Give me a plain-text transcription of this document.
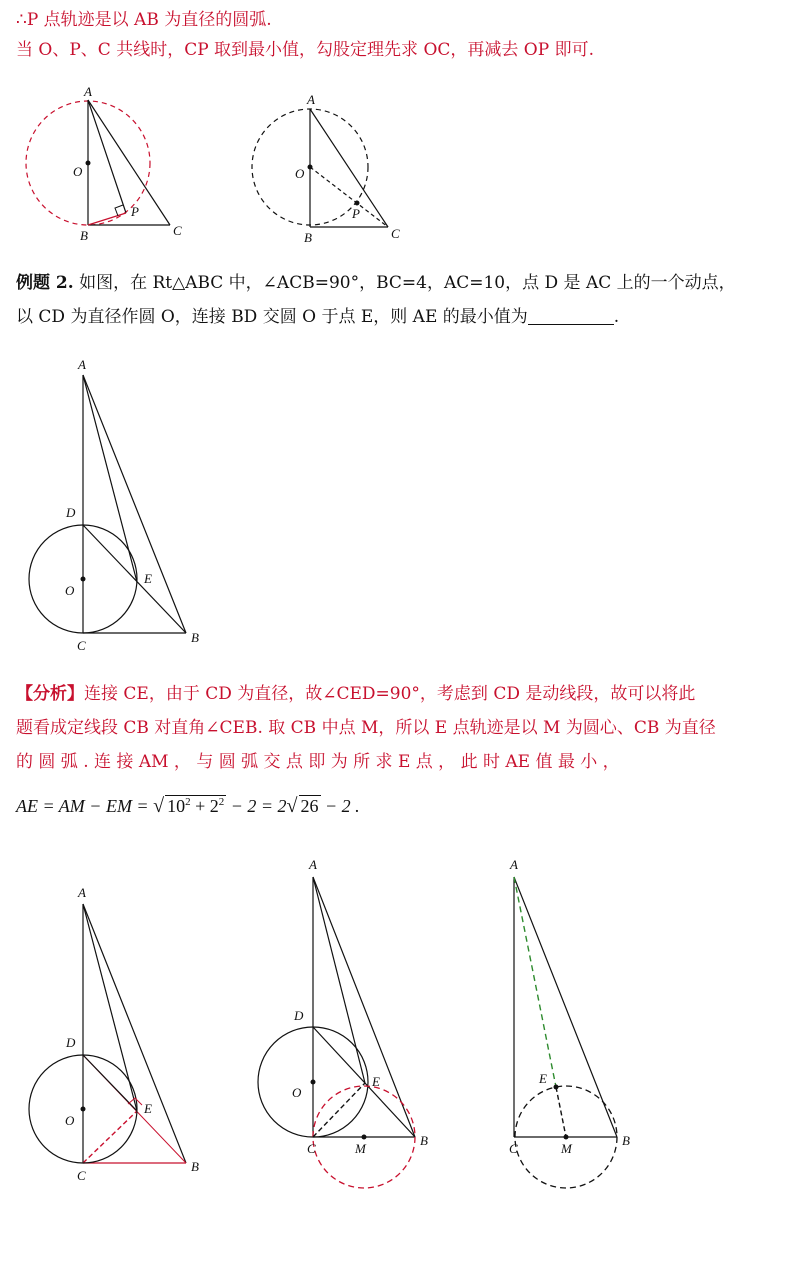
∴P 点轨迹是以 AB 为直径的圆弧.
当 O、P、C 共线时，CP 取到最小值，勾股定理先求 OC，再减去 OP 即可.
A
O
B	C
P
A
O
B	C
P
例题 2. 如图，在 Rt△ABC 中，∠ACB=90°，BC=4，AC=10，点 D 是 AC 上的一个动点，
以 CD 为直径作圆 O，连接 BD 交圆 O 于点 E，则 AE 的最小值为	.
A
D
O
E
C
B
【分析】连接 CE，由于 CD 为直径，故∠CED=90°，考虑到 CD 是动线段，故可以将此
题看成定线段 CB 对直角∠CEB. 取 CB 中点 M，所以 E 点轨迹是以 M 为圆心、CB 为直径
的 圆 弧 . 连 接 AM ， 与 圆 弧 交 点 即 为 所 求 E 点 ， 此 时 AE 值 最 小 ，
AE = AM − EM = √ $10^2 + 2^2 - 2 = 2√$ 26 − 2 .
A
D
O
E
C
B
A
D
O
E
C	M
B
A
E
C	M
B
